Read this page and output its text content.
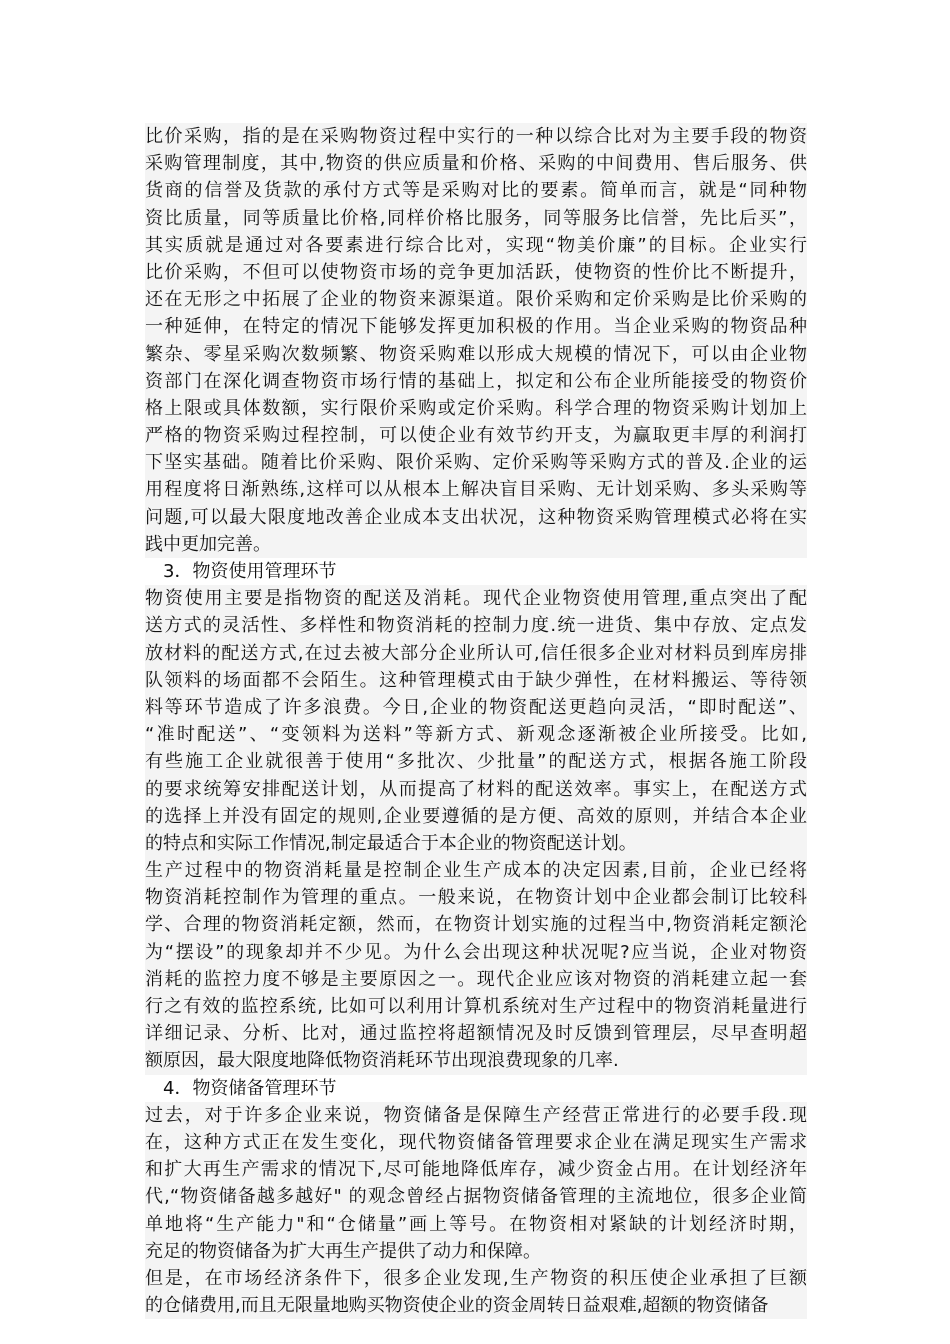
比价采购，指的是在采购物资过程中实行的一种以综合比对为主要手段的物资
采购管理制度，其中,物资的供应质量和价格、采购的中间费用、售后服务、供
货商的信誉及货款的承付方式等是采购对比的要素。简单而言，就是“同种物
资比质量，同等质量比价格,同样价格比服务，同等服务比信誉，先比后买”，
其实质就是通过对各要素进行综合比对，实现“物美价廉”的目标。企业实行
比价采购，不但可以使物资市场的竞争更加活跃，使物资的性价比不断提升，
还在无形之中拓展了企业的物资来源渠道。限价采购和定价采购是比价采购的
一种延伸，在特定的情况下能够发挥更加积极的作用。当企业采购的物资品种
繁杂、零星采购次数频繁、物资采购难以形成大规模的情况下，可以由企业物
资部门在深化调查物资市场行情的基础上，拟定和公布企业所能接受的物资价
格上限或具体数额，实行限价采购或定价采购。科学合理的物资采购计划加上
严格的物资采购过程控制，可以使企业有效节约开支，为赢取更丰厚的利润打
下坚实基础。随着比价采购、限价采购、定价采购等采购方式的普及.企业的运
用程度将日渐熟练,这样可以从根本上解决盲目采购、无计划采购、多头采购等
问题,可以最大限度地改善企业成本支出状况，这种物资采购管理模式必将在实
践中更加完善。
3．物资使用管理环节
物资使用主要是指物资的配送及消耗。现代企业物资使用管理,重点突出了配
送方式的灵活性、多样性和物资消耗的控制力度.统一进货、集中存放、定点发
放材料的配送方式,在过去被大部分企业所认可,信任很多企业对材料员到库房排
队领料的场面都不会陌生。这种管理模式由于缺少弹性，在材料搬运、等待领
料等环节造成了许多浪费。今日,企业的物资配送更趋向灵活，“即时配送”、
“准时配送”、“变领料为送料”等新方式、新观念逐渐被企业所接受。比如,
有些施工企业就很善于使用“多批次、少批量”的配送方式，根据各施工阶段
的要求统筹安排配送计划，从而提高了材料的配送效率。事实上，在配送方式
的选择上并没有固定的规则,企业要遵循的是方便、高效的原则，并结合本企业
的特点和实际工作情况,制定最适合于本企业的物资配送计划。
生产过程中的物资消耗量是控制企业生产成本的决定因素,目前，企业已经将
物资消耗控制作为管理的重点。一般来说，在物资计划中企业都会制订比较科
学、合理的物资消耗定额，然而，在物资计划实施的过程当中,物资消耗定额沦
为“摆设”的现象却并不少见。为什么会出现这种状况呢?应当说，企业对物资
消耗的监控力度不够是主要原因之一。现代企业应该对物资的消耗建立起一套
行之有效的监控系统, 比如可以利用计算机系统对生产过程中的物资消耗量进行
详细记录、分析、比对，通过监控将超额情况及时反馈到管理层，尽早查明超
额原因，最大限度地降低物资消耗环节出现浪费现象的几率.
4．物资储备管理环节
过去，对于许多企业来说，物资储备是保障生产经营正常进行的必要手段.现
在，这种方式正在发生变化，现代物资储备管理要求企业在满足现实生产需求
和扩大再生产需求的情况下,尽可能地降低库存，减少资金占用。在计划经济年
代,“物资储备越多越好" 的观念曾经占据物资储备管理的主流地位，很多企业简
单地将“生产能力"和“仓储量”画上等号。在物资相对紧缺的计划经济时期，
充足的物资储备为扩大再生产提供了动力和保障。
但是，在市场经济条件下，很多企业发现,生产物资的积压使企业承担了巨额
的仓储费用,而且无限量地购买物资使企业的资金周转日益艰难,超额的物资储备
